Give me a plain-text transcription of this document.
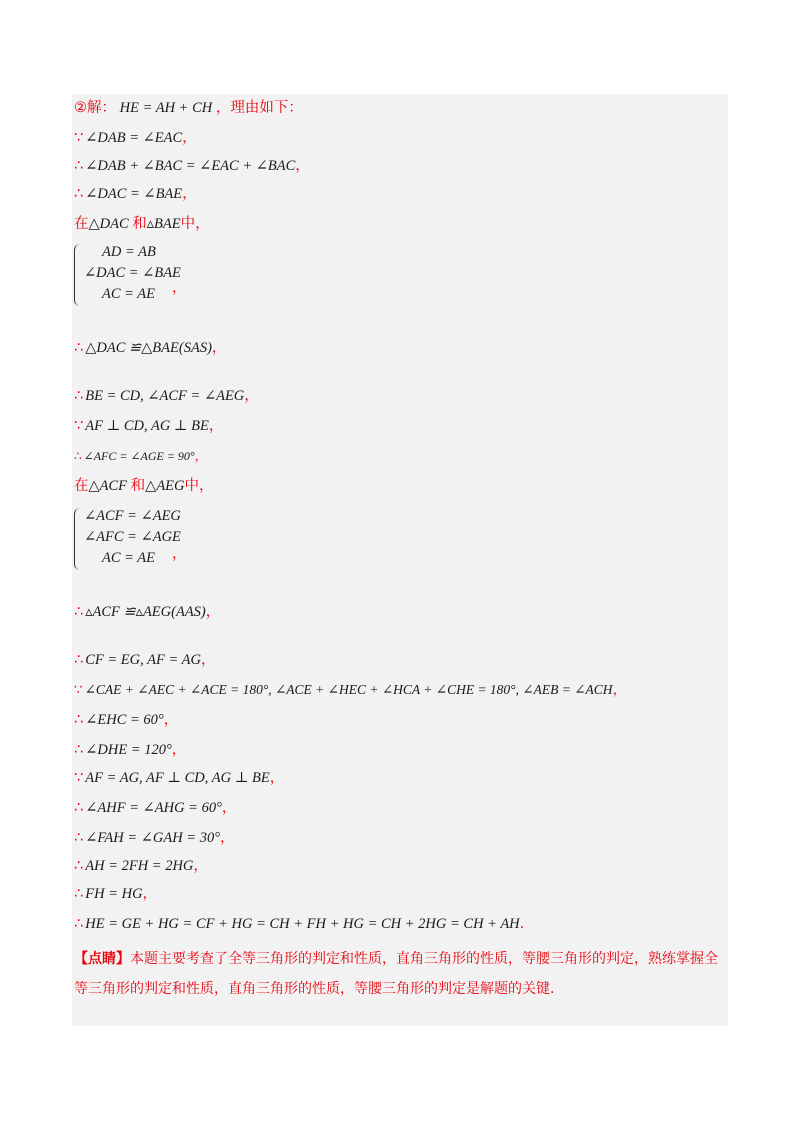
②解： HE = AH + CH ，理由如下：
∵ ∠DAB = ∠EAC，
∴ ∠DAB + ∠BAC = ∠EAC + ∠BAC，
∴ ∠DAC = ∠BAE，
在△DAC 和▵BAE中，
AD = AB
∠DAC = ∠BAE
AC = AE	，
∴ △DAC ≌△BAE(SAS)，
∴ BE = CD, ∠ACF = ∠AEG，
∵ AF ⊥ CD, AG ⊥ BE，
∴ ∠AFC = ∠AGE = 90°，
在△ACF 和△AEG中，
∠ACF = ∠AEG
∠AFC = ∠AGE
AC = AE	，
∴ ▵ACF ≌▵AEG(AAS)，
∴ CF = EG, AF = AG，
∵ ∠CAE + ∠AEC + ∠ACE = 180°, ∠ACE + ∠HEC + ∠HCA + ∠CHE = 180°, ∠AEB = ∠ACH，
∴ ∠EHC = 60°，
∴ ∠DHE = 120°，
∵ AF = AG, AF ⊥ CD, AG ⊥ BE，
∴ ∠AHF = ∠AHG = 60°，
∴ ∠FAH = ∠GAH = 30°，
∴ AH = 2FH = 2HG，
∴ FH = HG，
∴ HE = GE + HG = CF + HG = CH + FH + HG = CH + 2HG = CH + AH.
【点睛】本题主要考查了全等三角形的判定和性质，直角三角形的性质，等腰三角形的判定，熟练掌握全等三角形的判定和性质，直角三角形的性质，等腰三角形的判定是解题的关键.
